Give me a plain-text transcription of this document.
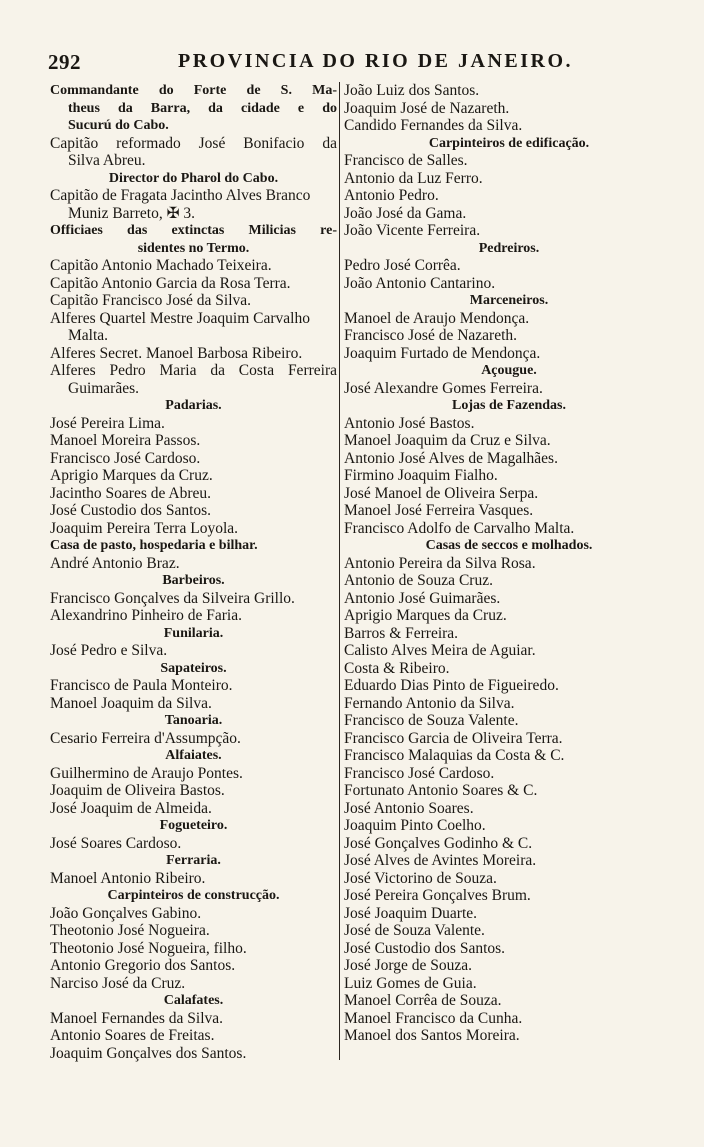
292	PROVINCIA DO RIO DE JANEIRO.
Commandante do Forte de S. Ma-
theus da Barra, da cidade e do
Sucurú do Cabo.
Capitão reformado José Bonifacio da
Silva Abreu.
Director do Pharol do Cabo.
Capitão de Fragata Jacintho Alves Branco
Muniz Barreto, ✠ 3.
Officiaes das extinctas Milicias re-
sidentes no Termo.
Capitão Antonio Machado Teixeira.
Capitão Antonio Garcia da Rosa Terra.
Capitão Francisco José da Silva.
Alferes Quartel Mestre Joaquim Carvalho
Malta.
Alferes Secret. Manoel Barbosa Ribeiro.
Alferes Pedro Maria da Costa Ferreira
Guimarães.
Padarias.
José Pereira Lima.
Manoel Moreira Passos.
Francisco José Cardoso.
Aprigio Marques da Cruz.
Jacintho Soares de Abreu.
José Custodio dos Santos.
Joaquim Pereira Terra Loyola.
Casa de pasto, hospedaria e bilhar.
André Antonio Braz.
Barbeiros.
Francisco Gonçalves da Silveira Grillo.
Alexandrino Pinheiro de Faria.
Funilaria.
José Pedro e Silva.
Sapateiros.
Francisco de Paula Monteiro.
Manoel Joaquim da Silva.
Tanoaria.
Cesario Ferreira d'Assumpção.
Alfaiates.
Guilhermino de Araujo Pontes.
Joaquim de Oliveira Bastos.
José Joaquim de Almeida.
Fogueteiro.
José Soares Cardoso.
Ferraria.
Manoel Antonio Ribeiro.
Carpinteiros de construcção.
João Gonçalves Gabino.
Theotonio José Nogueira.
Theotonio José Nogueira, filho.
Antonio Gregorio dos Santos.
Narciso José da Cruz.
Calafates.
Manoel Fernandes da Silva.
Antonio Soares de Freitas.
Joaquim Gonçalves dos Santos.
João Luiz dos Santos.
Joaquim José de Nazareth.
Candido Fernandes da Silva.
Carpinteiros de edificação.
Francisco de Salles.
Antonio da Luz Ferro.
Antonio Pedro.
João José da Gama.
João Vicente Ferreira.
Pedreiros.
Pedro José Corrêa.
João Antonio Cantarino.
Marceneiros.
Manoel de Araujo Mendonça.
Francisco José de Nazareth.
Joaquim Furtado de Mendonça.
Açougue.
José Alexandre Gomes Ferreira.
Lojas de Fazendas.
Antonio José Bastos.
Manoel Joaquim da Cruz e Silva.
Antonio José Alves de Magalhães.
Firmino Joaquim Fialho.
José Manoel de Oliveira Serpa.
Manoel José Ferreira Vasques.
Francisco Adolfo de Carvalho Malta.
Casas de seccos e molhados.
Antonio Pereira da Silva Rosa.
Antonio de Souza Cruz.
Antonio José Guimarães.
Aprigio Marques da Cruz.
Barros & Ferreira.
Calisto Alves Meira de Aguiar.
Costa & Ribeiro.
Eduardo Dias Pinto de Figueiredo.
Fernando Antonio da Silva.
Francisco de Souza Valente.
Francisco Garcia de Oliveira Terra.
Francisco Malaquias da Costa & C.
Francisco José Cardoso.
Fortunato Antonio Soares & C.
José Antonio Soares.
Joaquim Pinto Coelho.
José Gonçalves Godinho & C.
José Alves de Avintes Moreira.
José Victorino de Souza.
José Pereira Gonçalves Brum.
José Joaquim Duarte.
José de Souza Valente.
José Custodio dos Santos.
José Jorge de Souza.
Luiz Gomes de Guia.
Manoel Corrêa de Souza.
Manoel Francisco da Cunha.
Manoel dos Santos Moreira.
